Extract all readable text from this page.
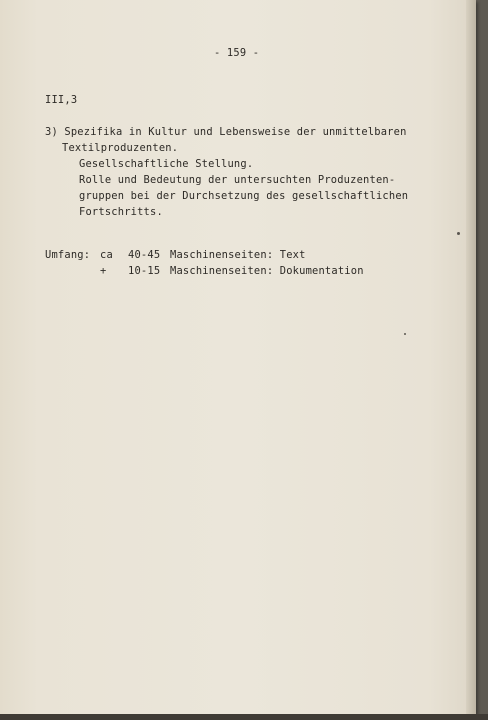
- 159 -
III,3
3) Spezifika in Kultur und Lebensweise der unmittelbaren
Textilproduzenten.
Gesellschaftliche Stellung.
Rolle und Bedeutung der untersuchten Produzenten-
gruppen bei der Durchsetzung des gesellschaftlichen
Fortschritts.
Umfang: ca 40-45 Maschinenseiten: Text
+ 10-15 Maschinenseiten: Dokumentation
